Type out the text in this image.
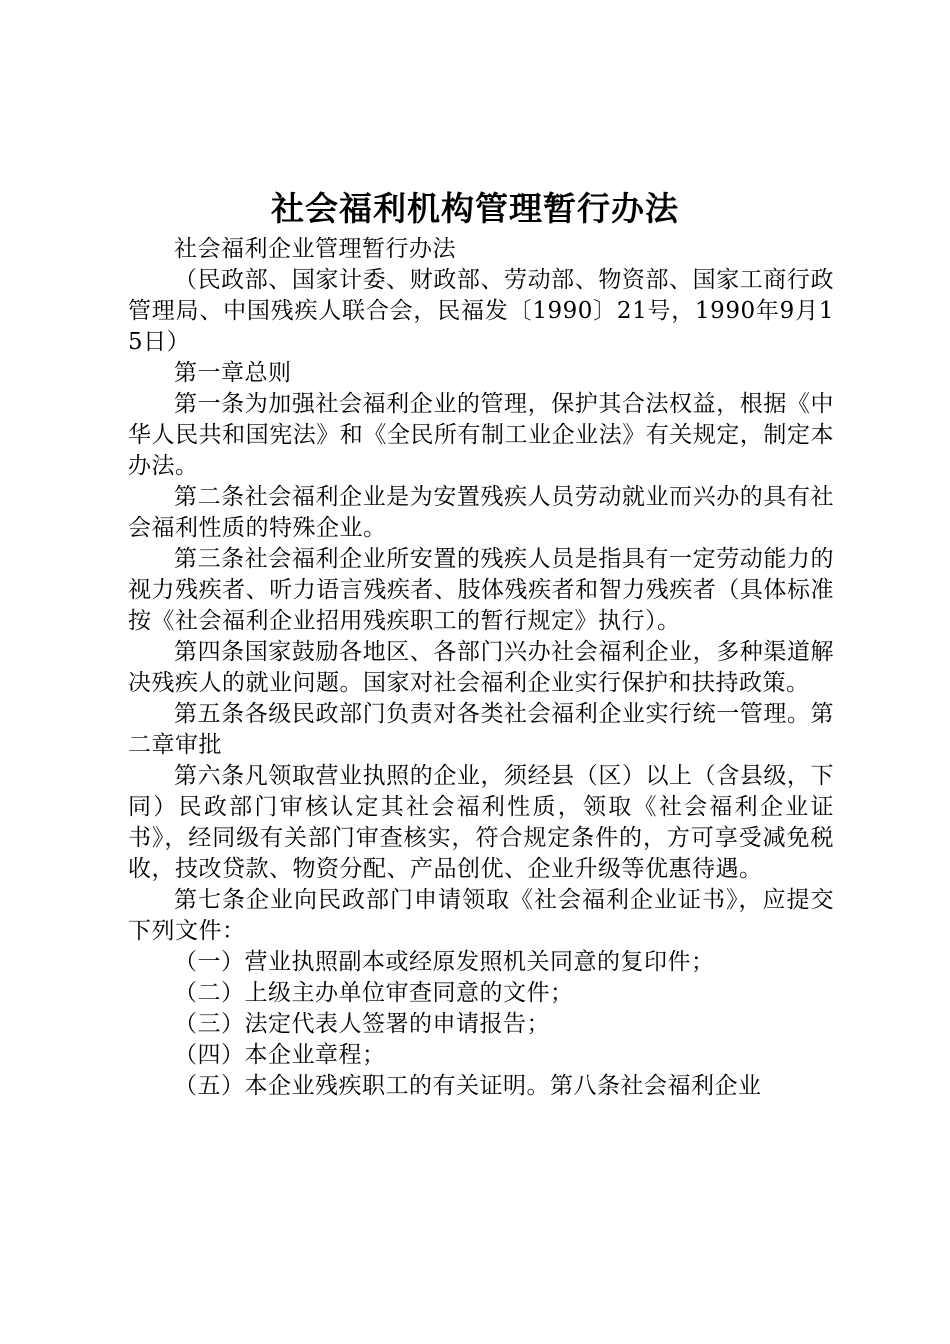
社会福利机构管理暂行办法

社会福利企业管理暂行办法

（民政部、国家计委、财政部、劳动部、物资部、国家工商行政管理局、中国残疾人联合会，民福发〔1990〕21号，1990年9月15日）

第一章总则

第一条为加强社会福利企业的管理，保护其合法权益，根据《中华人民共和国宪法》和《全民所有制工业企业法》有关规定，制定本办法。

第二条社会福利企业是为安置残疾人员劳动就业而兴办的具有社会福利性质的特殊企业。

第三条社会福利企业所安置的残疾人员是指具有一定劳动能力的视力残疾者、听力语言残疾者、肢体残疾者和智力残疾者（具体标准按《社会福利企业招用残疾职工的暂行规定》执行）。

第四条国家鼓励各地区、各部门兴办社会福利企业，多种渠道解决残疾人的就业问题。国家对社会福利企业实行保护和扶持政策。

第五条各级民政部门负责对各类社会福利企业实行统一管理。第二章审批

第六条凡领取营业执照的企业，须经县（区）以上（含县级，下同）民政部门审核认定其社会福利性质，领取《社会福利企业证书》，经同级有关部门审查核实，符合规定条件的，方可享受减免税收，技改贷款、物资分配、产品创优、企业升级等优惠待遇。

第七条企业向民政部门申请领取《社会福利企业证书》，应提交下列文件：

（一）营业执照副本或经原发照机关同意的复印件；

（二）上级主办单位审查同意的文件；

（三）法定代表人签署的申请报告；

（四）本企业章程；

（五）本企业残疾职工的有关证明。第八条社会福利企业
